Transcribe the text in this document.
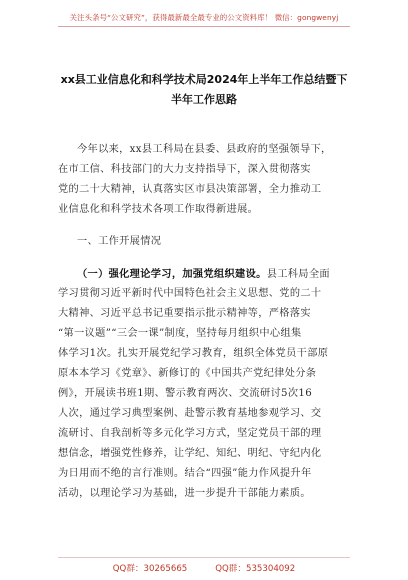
关注头条号“公文研究”，获得最新最全最专业的公文资料库！ 微信：gongwenyj
xx县工业信息化和科学技术局2024年上半年工作总结暨下
半年工作思路
今年以来，xx县工科局在县委、县政府的坚强领导下，
在市工信、科技部门的大力支持指导下，深入贯彻落实
党的二十大精神，认真落实区市县决策部署，全力推动工
业信息化和科学技术各项工作取得新进展。
一、工作开展情况
（一）强化理论学习，加强党组织建设。县工科局全面
学习贯彻习近平新时代中国特色社会主义思想、党的二十
大精神、习近平总书记重要指示批示精神等，严格落实
“第一议题”“三会一课”制度，坚持每月组织中心组集
体学习1次。扎实开展党纪学习教育，组织全体党员干部原
原本本学习《党章》、新修订的《中国共产党纪律处分条
例》，开展读书班1期、警示教育两次、交流研讨5次16
人次，通过学习典型案例、赴警示教育基地参观学习、交
流研讨、自我剖析等多元化学习方式，坚定党员干部的理
想信念，增强党性修养，让学纪、知纪、明纪、守纪内化
为日用而不绝的言行准则。结合“四强”能力作风提升年
活动，以理论学习为基础，进一步提升干部能力素质。
QQ群：30265665	QQ群：535304092
